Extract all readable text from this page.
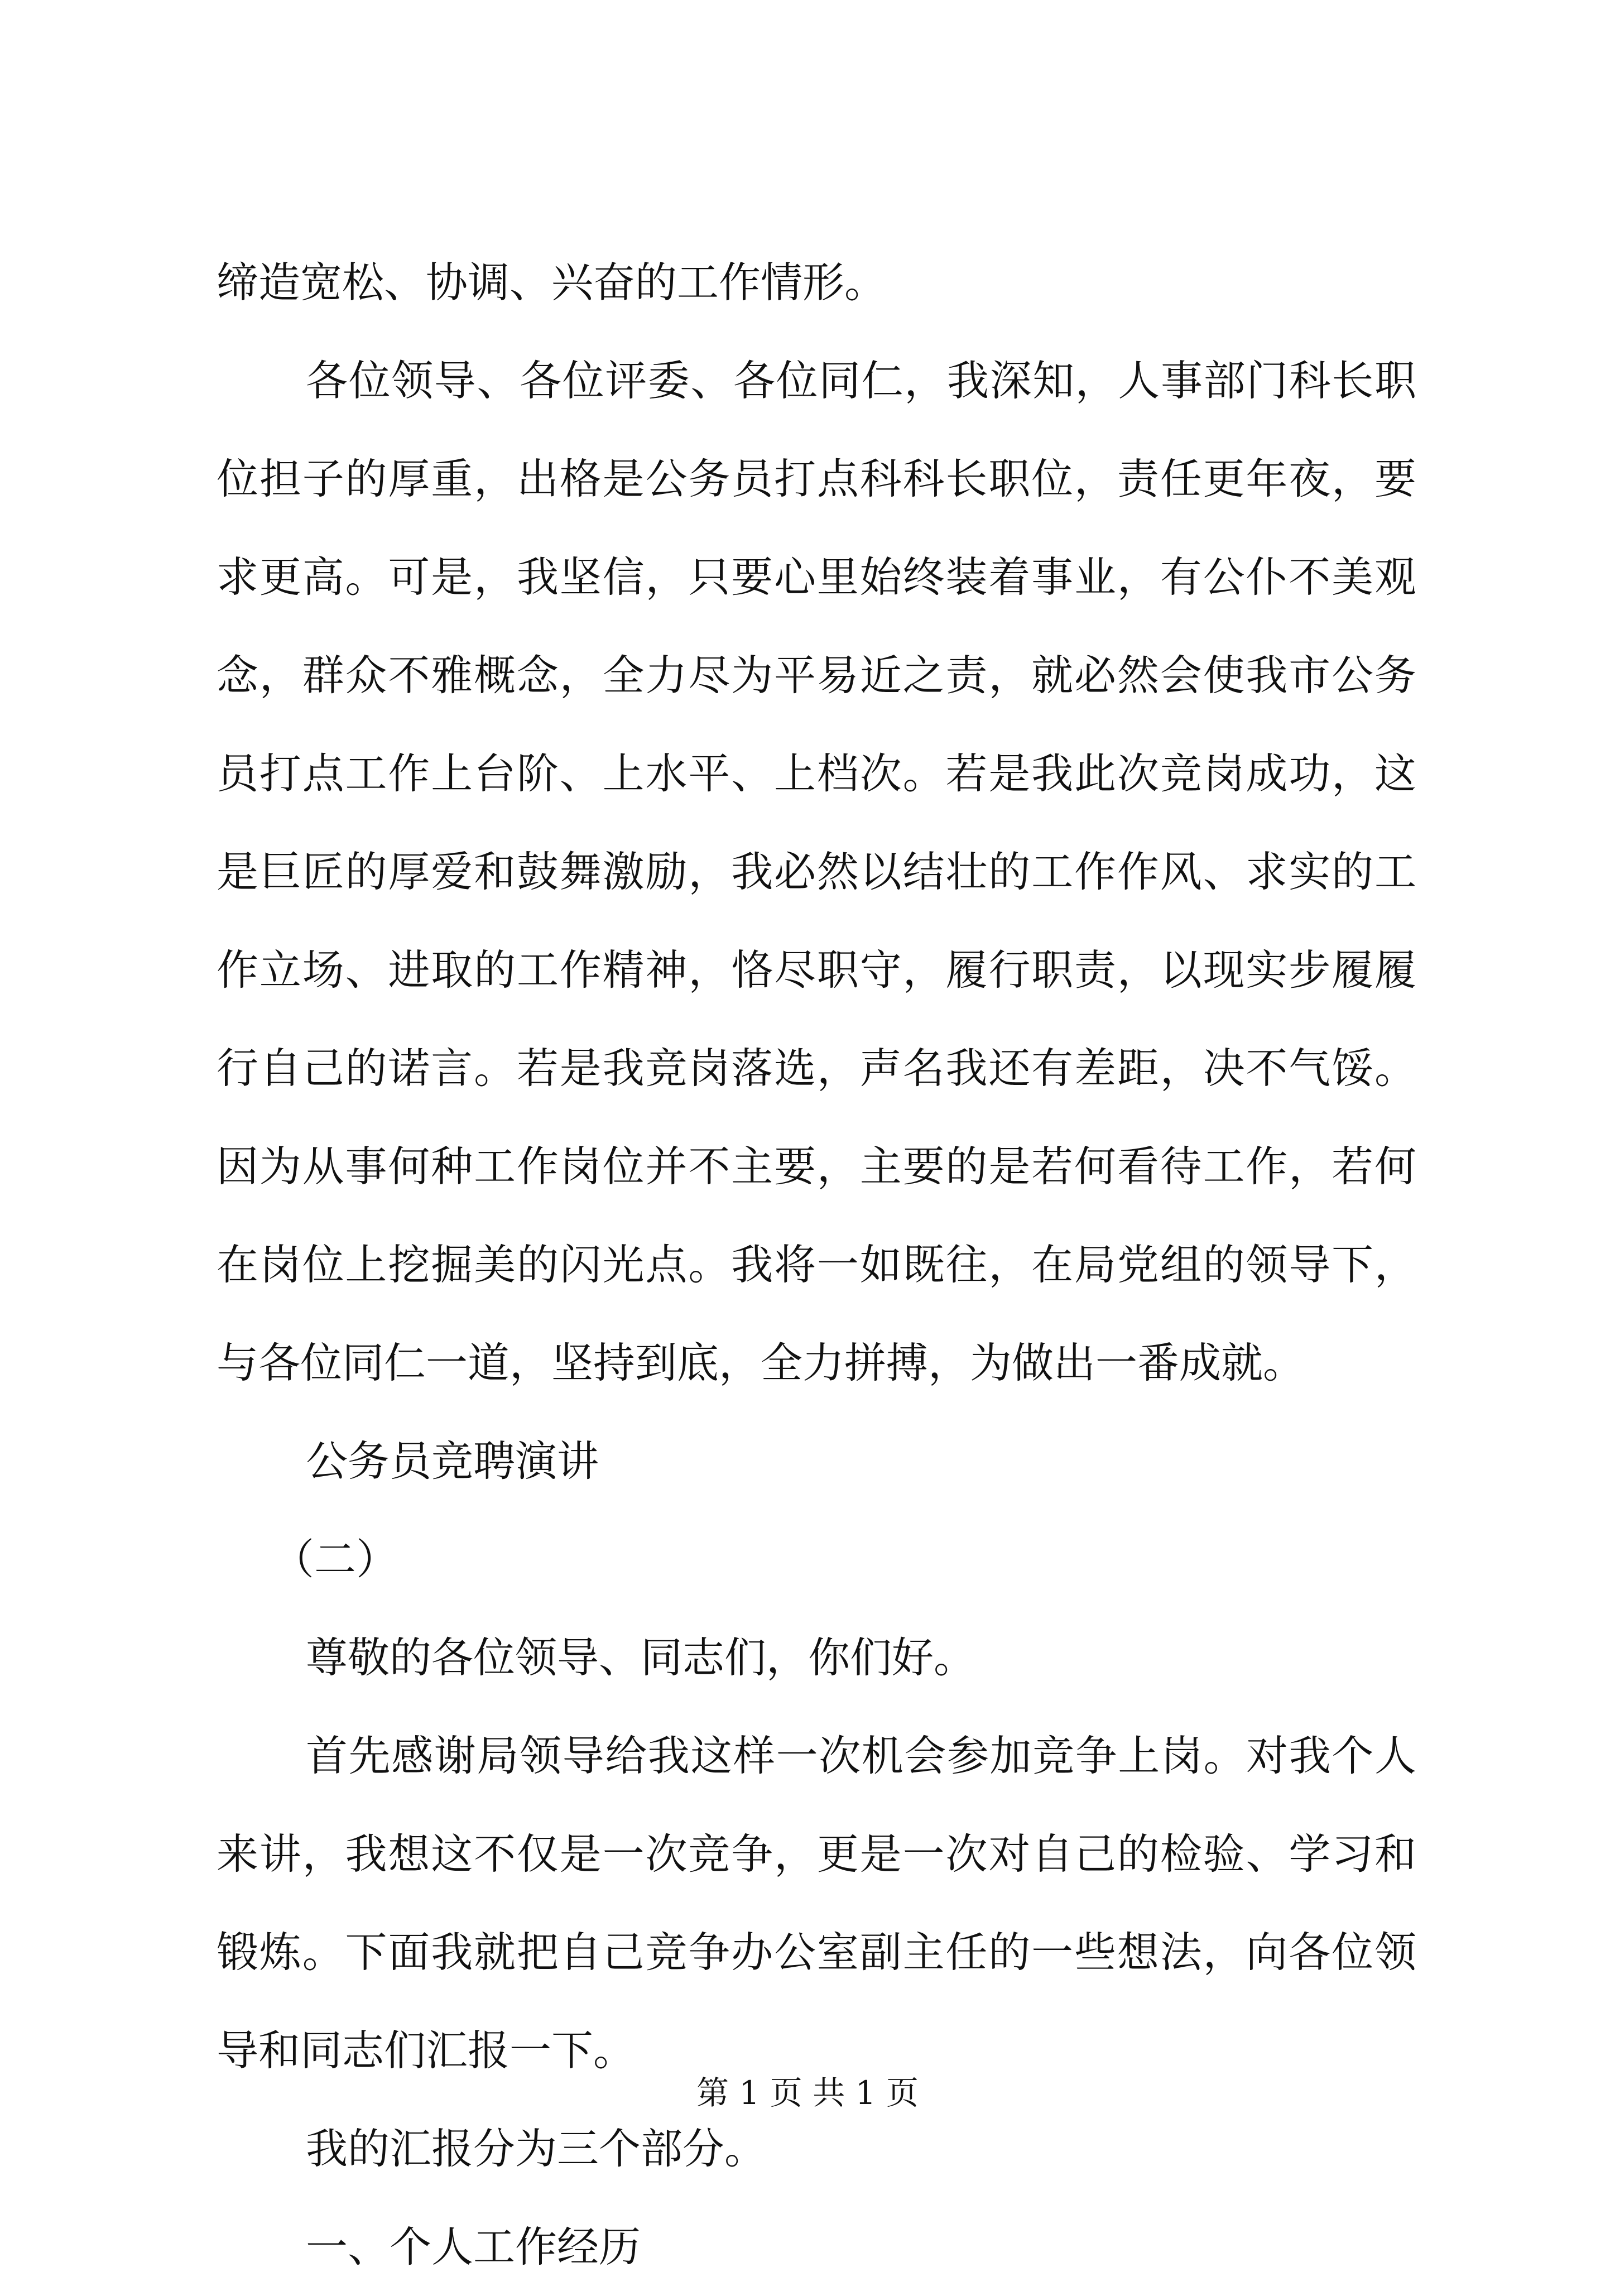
缔造宽松、协调、兴奋的工作情形。
各位领导、各位评委、各位同仁，我深知，人事部门科长职
位担子的厚重，出格是公务员打点科科长职位，责任更年夜，要
求更高。可是，我坚信，只要心里始终装着事业，有公仆不美观
念，群众不雅概念，全力尽为平易近之责，就必然会使我市公务
员打点工作上台阶、上水平、上档次。若是我此次竞岗成功，这
是巨匠的厚爱和鼓舞激励，我必然以结壮的工作作风、求实的工
作立场、进取的工作精神，恪尽职守，履行职责，以现实步履履
行自己的诺言。若是我竞岗落选，声名我还有差距，决不气馁。
因为从事何种工作岗位并不主要，主要的是若何看待工作，若何
在岗位上挖掘美的闪光点。我将一如既往，在局党组的领导下，
与各位同仁一道，坚持到底，全力拼搏，为做出一番成就。
公务员竞聘演讲
（二）
尊敬的各位领导、同志们，你们好。
首先感谢局领导给我这样一次机会参加竞争上岗。对我个人
来讲，我想这不仅是一次竞争，更是一次对自己的检验、学习和
锻炼。下面我就把自己竞争办公室副主任的一些想法，向各位领
导和同志们汇报一下。
我的汇报分为三个部分。
一、个人工作经历
第 1 页 共 1 页
